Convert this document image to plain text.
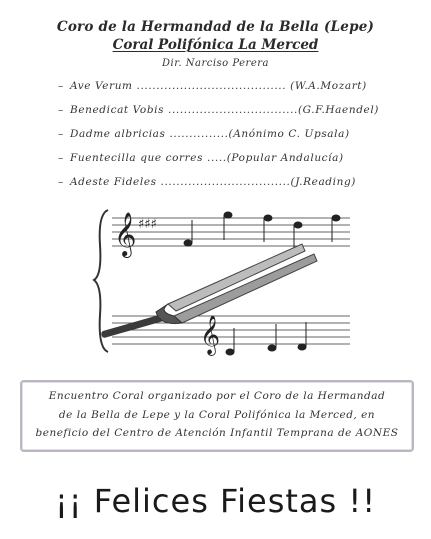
Coro de la Hermandad de la Bella (Lepe)
Coral Polifónica La Merced
Dir. Narciso Perera
– Ave Verum ...................................... (W.A.Mozart)
– Benedicat Vobis .................................(G.F.Haendel)
– Dadme albricias ...............(Anónimo C. Upsala)
– Fuentecilla que corres .....(Popular Andalucía)
– Adeste Fideles .................................(J.Reading)
𝄞 ♯♯♯
𝄞
Encuentro Coral organizado por el Coro de la Hermandad
de la Bella de Lepe y la Coral Polifónica la Merced, en
beneficio del Centro de Atención Infantil Temprana de AONES
¡¡ Felices Fiestas !!
